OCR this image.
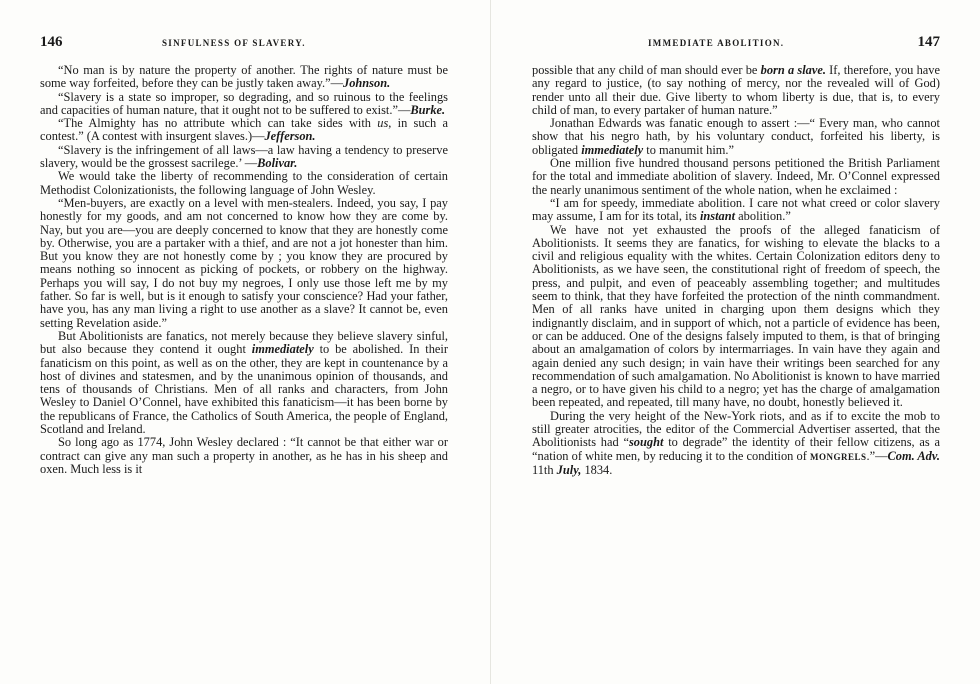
146	SINFULNESS OF SLAVERY.

“No man is by nature the property of another. The rights of nature must be some way forfeited, before they can be justly taken away.”—Johnson.

“Slavery is a state so improper, so degrading, and so ruinous to the feelings and capacities of human nature, that it ought not to be suffered to exist.”—Burke.

“The Almighty has no attribute which can take sides with us, in such a contest.” (A contest with insurgent slaves.)—Jefferson.

“Slavery is the infringement of all laws—a law having a tendency to preserve slavery, would be the grossest sacrilege.’ —Bolivar.

We would take the liberty of recommending to the consideration of certain Methodist Colonizationists, the following language of John Wesley.

“Men-buyers, are exactly on a level with men-stealers. Indeed, you say, I pay honestly for my goods, and am not concerned to know how they are come by. Nay, but you are—you are deeply concerned to know that they are honestly come by. Otherwise, you are a partaker with a thief, and are not a jot honester than him. But you know they are not honestly come by ; you know they are procured by means nothing so innocent as picking of pockets, or robbery on the highway. Perhaps you will say, I do not buy my negroes, I only use those left me by my father. So far is well, but is it enough to satisfy your conscience? Had your father, have you, has any man living a right to use another as a slave? It cannot be, even setting Revelation aside.”

But Abolitionists are fanatics, not merely because they believe slavery sinful, but also because they contend it ought immediately to be abolished. In their fanaticism on this point, as well as on the other, they are kept in countenance by a host of divines and statesmen, and by the unanimous opinion of thousands, and tens of thousands of Christians. Men of all ranks and characters, from John Wesley to Daniel O’Connel, have exhibited this fanaticism—it has been borne by the republicans of France, the Catholics of South America, the people of England, Scotland and Ireland.

So long ago as 1774, John Wesley declared : “It cannot be that either war or contract can give any man such a property in another, as he has in his sheep and oxen. Much less is it

IMMEDIATE ABOLITION.	147

possible that any child of man should ever be born a slave. If, therefore, you have any regard to justice, (to say nothing of mercy, nor the revealed will of God) render unto all their due. Give liberty to whom liberty is due, that is, to every child of man, to every partaker of human nature.”

Jonathan Edwards was fanatic enough to assert :—“ Every man, who cannot show that his negro hath, by his voluntary conduct, forfeited his liberty, is obligated immediately to manumit him.”

One million five hundred thousand persons petitioned the British Parliament for the total and immediate abolition of slavery. Indeed, Mr. O’Connel expressed the nearly unanimous sentiment of the whole nation, when he exclaimed :

“I am for speedy, immediate abolition. I care not what creed or color slavery may assume, I am for its total, its instant abolition.”

We have not yet exhausted the proofs of the alleged fanaticism of Abolitionists. It seems they are fanatics, for wishing to elevate the blacks to a civil and religious equality with the whites. Certain Colonization editors deny to Abolitionists, as we have seen, the constitutional right of freedom of speech, the press, and pulpit, and even of peaceably assembling together; and multitudes seem to think, that they have forfeited the protection of the ninth commandment. Men of all ranks have united in charging upon them designs which they indignantly disclaim, and in support of which, not a particle of evidence has been, or can be adduced. One of the designs falsely imputed to them, is that of bringing about an amalgamation of colors by intermarriages. In vain have they again and again denied any such design; in vain have their writings been searched for any recommendation of such amalgamation. No Abolitionist is known to have married a negro, or to have given his child to a negro; yet has the charge of amalgamation been repeated, and repeated, till many have, no doubt, honestly believed it.

During the very height of the New-York riots, and as if to excite the mob to still greater atrocities, the editor of the Commercial Advertiser asserted, that the Abolitionists had “sought to degrade” the identity of their fellow citizens, as a “nation of white men, by reducing it to the condition of MONGRELS.”—Com. Adv. 11th July, 1834.
